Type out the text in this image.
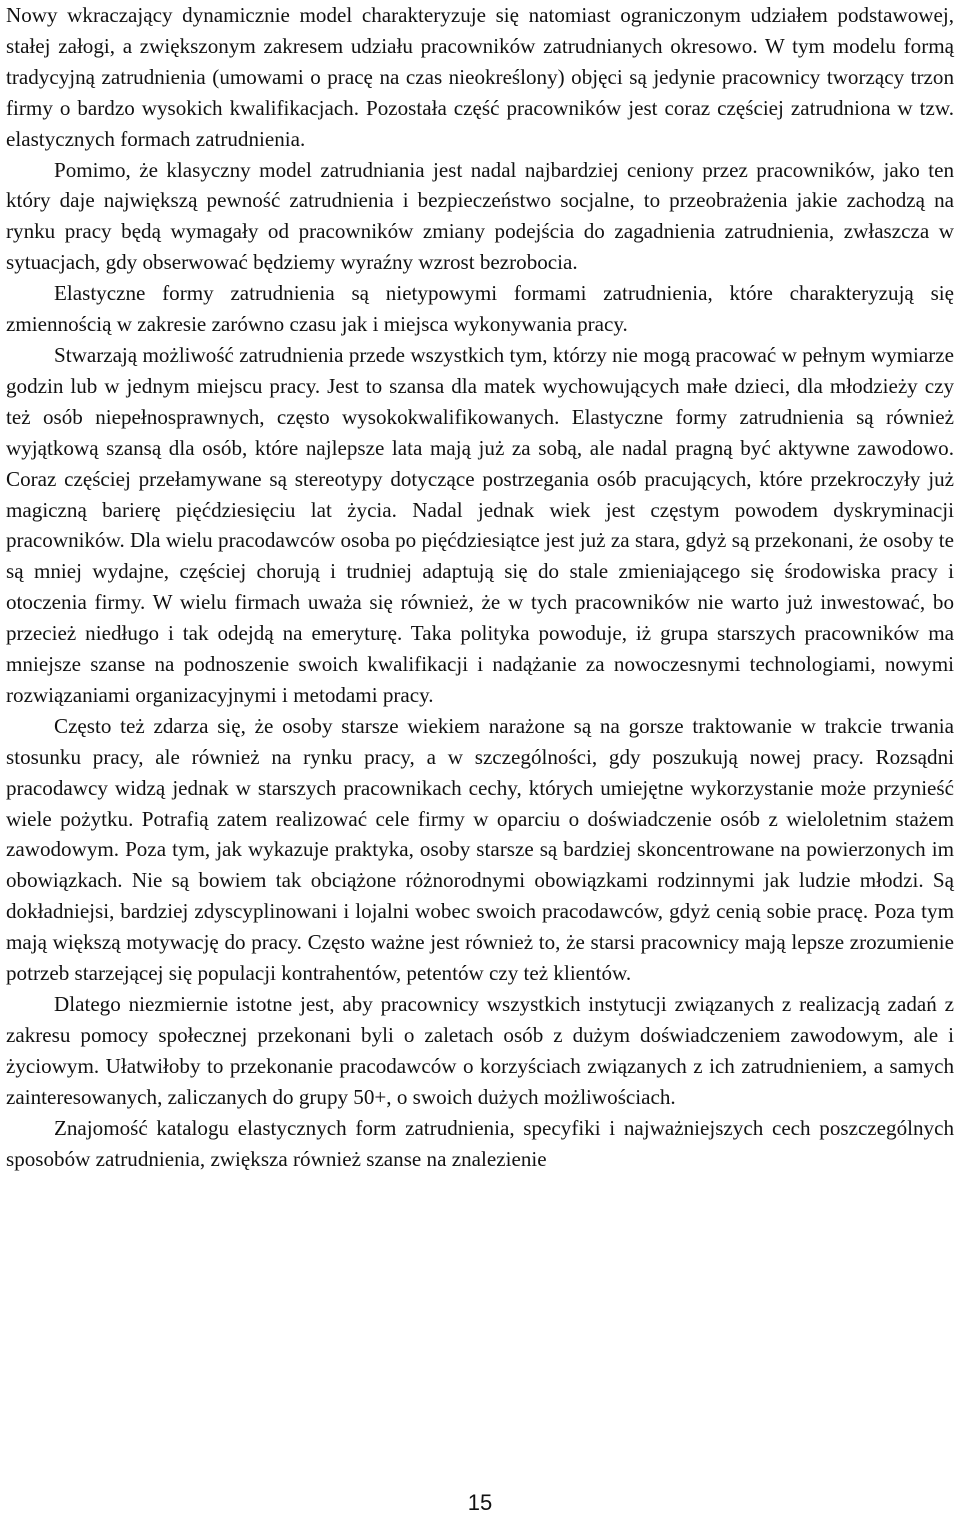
Nowy wkraczający dynamicznie model charakteryzuje się natomiast ograniczonym udziałem podstawowej, stałej załogi, a zwiększonym zakresem udziału pracowników zatrudnianych okresowo. W tym modelu formą tradycyjną zatrudnienia (umowami o pracę na czas nieokreślony) objęci są jedynie pracownicy tworzący trzon firmy o bardzo wysokich kwalifikacjach. Pozostała część pracowników jest coraz częściej zatrudniona w tzw. elastycznych formach zatrudnienia.

Pomimo, że klasyczny model zatrudniania jest nadal najbardziej ceniony przez pracowników, jako ten który daje największą pewność zatrudnienia i bezpieczeństwo socjalne, to przeobrażenia jakie zachodzą na rynku pracy będą wymagały od pracowników zmiany podejścia do zagadnienia zatrudnienia, zwłaszcza w sytuacjach, gdy obserwować będziemy wyraźny wzrost bezrobocia.

Elastyczne formy zatrudnienia są nietypowymi formami zatrudnienia, które charakteryzują się zmiennością w zakresie zarówno czasu jak i miejsca wykonywania pracy.

Stwarzają możliwość zatrudnienia przede wszystkich tym, którzy nie mogą pracować w pełnym wymiarze godzin lub w jednym miejscu pracy. Jest to szansa dla matek wychowujących małe dzieci, dla młodzieży czy też osób niepełnosprawnych, często wysokokwalifikowanych. Elastyczne formy zatrudnienia są również wyjątkową szansą dla osób, które najlepsze lata mają już za sobą, ale nadal pragną być aktywne zawodowo. Coraz częściej przełamywane są stereotypy dotyczące postrzegania osób pracujących, które przekroczyły już magiczną barierę pięćdziesięciu lat życia. Nadal jednak wiek jest częstym powodem dyskryminacji pracowników. Dla wielu pracodawców osoba po pięćdziesiątce jest już za stara, gdyż są przekonani, że osoby te są mniej wydajne, częściej chorują i trudniej adaptują się do stale zmieniającego się środowiska pracy i otoczenia firmy. W wielu firmach uważa się również, że w tych pracowników nie warto już inwestować, bo przecież niedługo i tak odejdą na emeryturę. Taka polityka powoduje, iż grupa starszych pracowników ma mniejsze szanse na podnoszenie swoich kwalifikacji i nadążanie za nowoczesnymi technologiami, nowymi rozwiązaniami organizacyjnymi i metodami pracy.

Często też zdarza się, że osoby starsze wiekiem narażone są na gorsze traktowanie w trakcie trwania stosunku pracy, ale również na rynku pracy, a w szczególności, gdy poszukują nowej pracy. Rozsądni pracodawcy widzą jednak w starszych pracownikach cechy, których umiejętne wykorzystanie może przynieść wiele pożytku. Potrafią zatem realizować cele firmy w oparciu o doświadczenie osób z wieloletnim stażem zawodowym. Poza tym, jak wykazuje praktyka, osoby starsze są bardziej skoncentrowane na powierzonych im obowiązkach. Nie są bowiem tak obciążone różnorodnymi obowiązkami rodzinnymi jak ludzie młodzi. Są dokładniejsi, bardziej zdyscyplinowani i lojalni wobec swoich pracodawców, gdyż cenią sobie pracę. Poza tym mają większą motywację do pracy. Często ważne jest również to, że starsi pracownicy mają lepsze zrozumienie potrzeb starzejącej się populacji kontrahentów, petentów czy też klientów.

Dlatego niezmiernie istotne jest, aby pracownicy wszystkich instytucji związanych z realizacją zadań z zakresu pomocy społecznej przekonani byli o zaletach osób z dużym doświadczeniem zawodowym, ale i życiowym. Ułatwiłoby to przekonanie pracodawców o korzyściach związanych z ich zatrudnieniem, a samych zainteresowanych, zaliczanych do grupy 50+, o swoich dużych możliwościach.

Znajomość katalogu elastycznych form zatrudnienia, specyfiki i najważniejszych cech poszczególnych sposobów zatrudnienia, zwiększa również szanse na znalezienie

15
